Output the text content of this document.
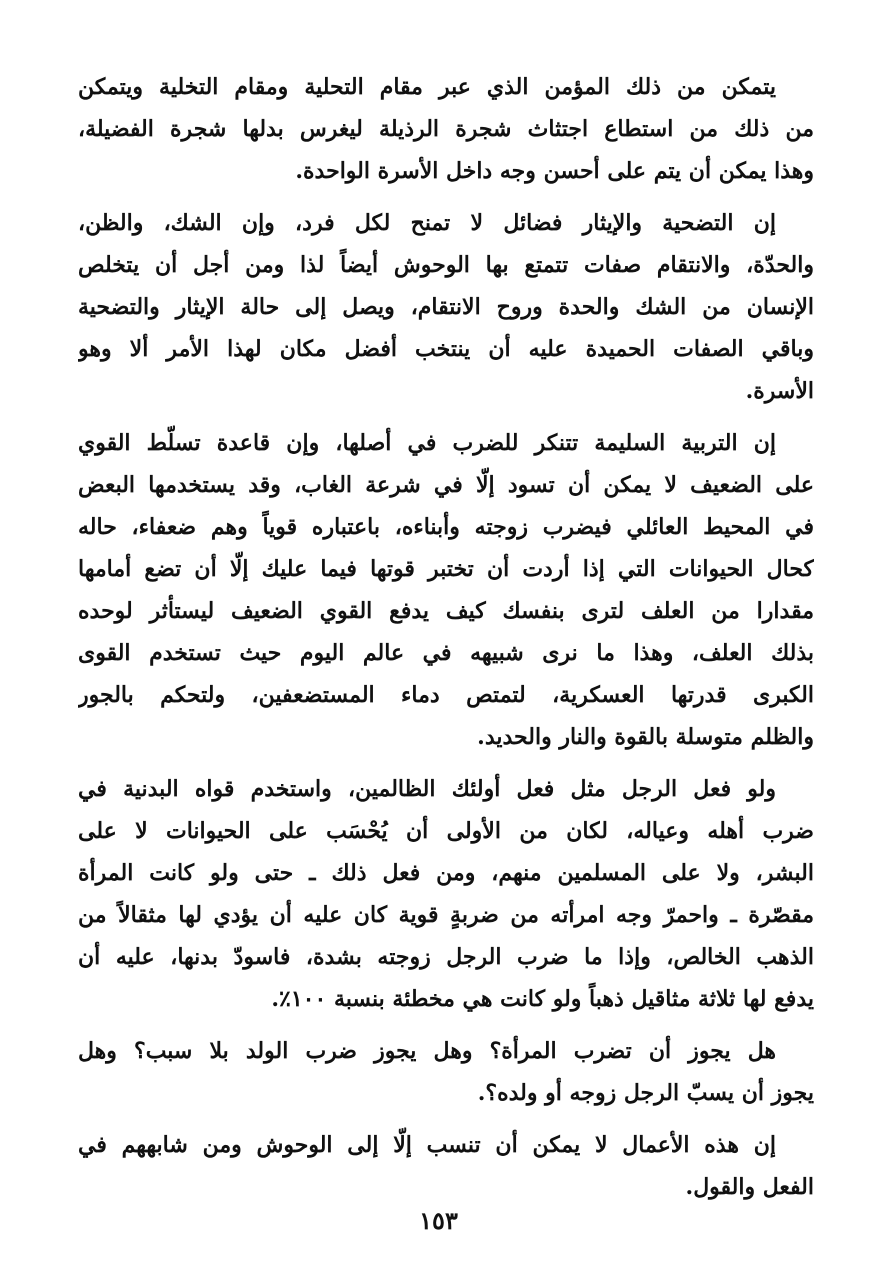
يتمكن من ذلك المؤمن الذي عبر مقام التحلية ومقام التخلية ويتمكن
من ذلك من استطاع اجتثاث شجرة الرذيلة ليغرس بدلها شجرة الفضيلة،
وهذا يمكن أن يتم على أحسن وجه داخل الأسرة الواحدة.
إن التضحية والإيثار فضائل لا تمنح لكل فرد، وإن الشك، والظن،
والحدّة، والانتقام صفات تتمتع بها الوحوش أيضاً لذا ومن أجل أن يتخلص
الإنسان من الشك والحدة وروح الانتقام، ويصل إلى حالة الإيثار والتضحية
وباقي الصفات الحميدة عليه أن ينتخب أفضل مكان لهذا الأمر ألا وهو
الأسرة.
إن التربية السليمة تتنكر للضرب في أصلها، وإن قاعدة تسلّط القوي
على الضعيف لا يمكن أن تسود إلّا في شرعة الغاب، وقد يستخدمها البعض
في المحيط العائلي فيضرب زوجته وأبناءه، باعتباره قوياً وهم ضعفاء، حاله
كحال الحيوانات التي إذا أردت أن تختبر قوتها فيما عليك إلّا أن تضع أمامها
مقدارا من العلف لترى بنفسك كيف يدفع القوي الضعيف ليستأثر لوحده
بذلك العلف، وهذا ما نرى شبيهه في عالم اليوم حيث تستخدم القوى
الكبرى قدرتها العسكرية، لتمتص دماء المستضعفين، ولتحكم بالجور
والظلم متوسلة بالقوة والنار والحديد.
ولو فعل الرجل مثل فعل أولئك الظالمين، واستخدم قواه البدنية في
ضرب أهله وعياله، لكان من الأولى أن يُحْسَب على الحيوانات لا على
البشر، ولا على المسلمين منهم، ومن فعل ذلك ـ حتى ولو كانت المرأة
مقصّرة ـ واحمرّ وجه امرأته من ضربةٍ قوية كان عليه أن يؤدي لها مثقالاً من
الذهب الخالص، وإذا ما ضرب الرجل زوجته بشدة، فاسودّ بدنها، عليه أن
يدفع لها ثلاثة مثاقيل ذهباً ولو كانت هي مخطئة بنسبة ١٠٠٪.
هل يجوز أن تضرب المرأة؟ وهل يجوز ضرب الولد بلا سبب؟ وهل
يجوز أن يسبّ الرجل زوجه أو ولده؟.
إن هذه الأعمال لا يمكن أن تنسب إلّا إلى الوحوش ومن شابههم في
الفعل والقول.
١٥٣
